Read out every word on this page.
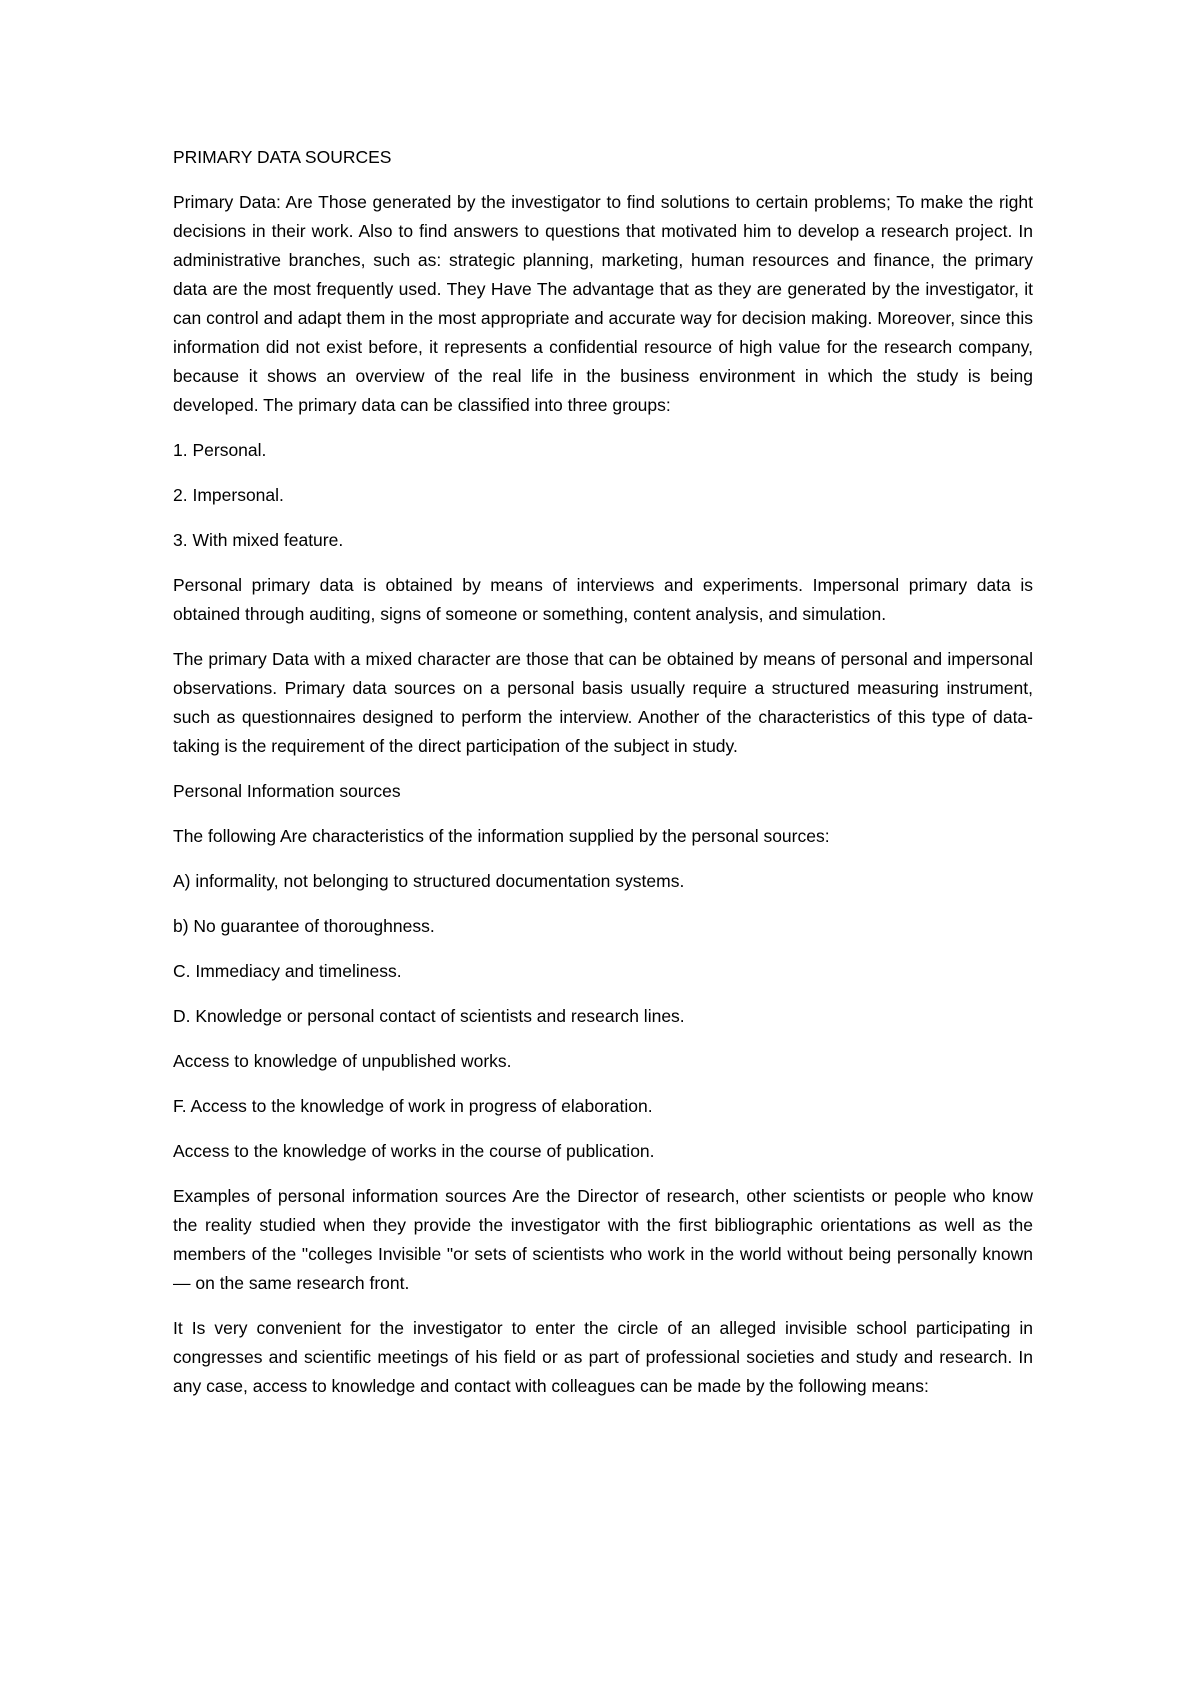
PRIMARY DATA SOURCES

Primary Data: Are Those generated by the investigator to find solutions to certain problems; To make the right decisions in their work. Also to find answers to questions that motivated him to develop a research project. In administrative branches, such as: strategic planning, marketing, human resources and finance, the primary data are the most frequently used. They Have The advantage that as they are generated by the investigator, it can control and adapt them in the most appropriate and accurate way for decision making. Moreover, since this information did not exist before, it represents a confidential resource of high value for the research company, because it shows an overview of the real life in the business environment in which the study is being developed. The primary data can be classified into three groups:

1. Personal.

2. Impersonal.

3. With mixed feature.

Personal primary data is obtained by means of interviews and experiments. Impersonal primary data is obtained through auditing, signs of someone or something, content analysis, and simulation.

The primary Data with a mixed character are those that can be obtained by means of personal and impersonal observations. Primary data sources on a personal basis usually require a structured measuring instrument, such as questionnaires designed to perform the interview. Another of the characteristics of this type of data-taking is the requirement of the direct participation of the subject in study.

Personal Information sources

The following Are characteristics of the information supplied by the personal sources:

A) informality, not belonging to structured documentation systems.

b) No guarantee of thoroughness.

C. Immediacy and timeliness.

D. Knowledge or personal contact of scientists and research lines.

Access to knowledge of unpublished works.

F. Access to the knowledge of work in progress of elaboration.

Access to the knowledge of works in the course of publication.

Examples of personal information sources Are the Director of research, other scientists or people who know the reality studied when they provide the investigator with the first bibliographic orientations as well as the members of the "colleges Invisible "or sets of scientists who work in the world without being personally known — on the same research front.

It Is very convenient for the investigator to enter the circle of an alleged invisible school participating in congresses and scientific meetings of his field or as part of professional societies and study and research. In any case, access to knowledge and contact with colleagues can be made by the following means:
